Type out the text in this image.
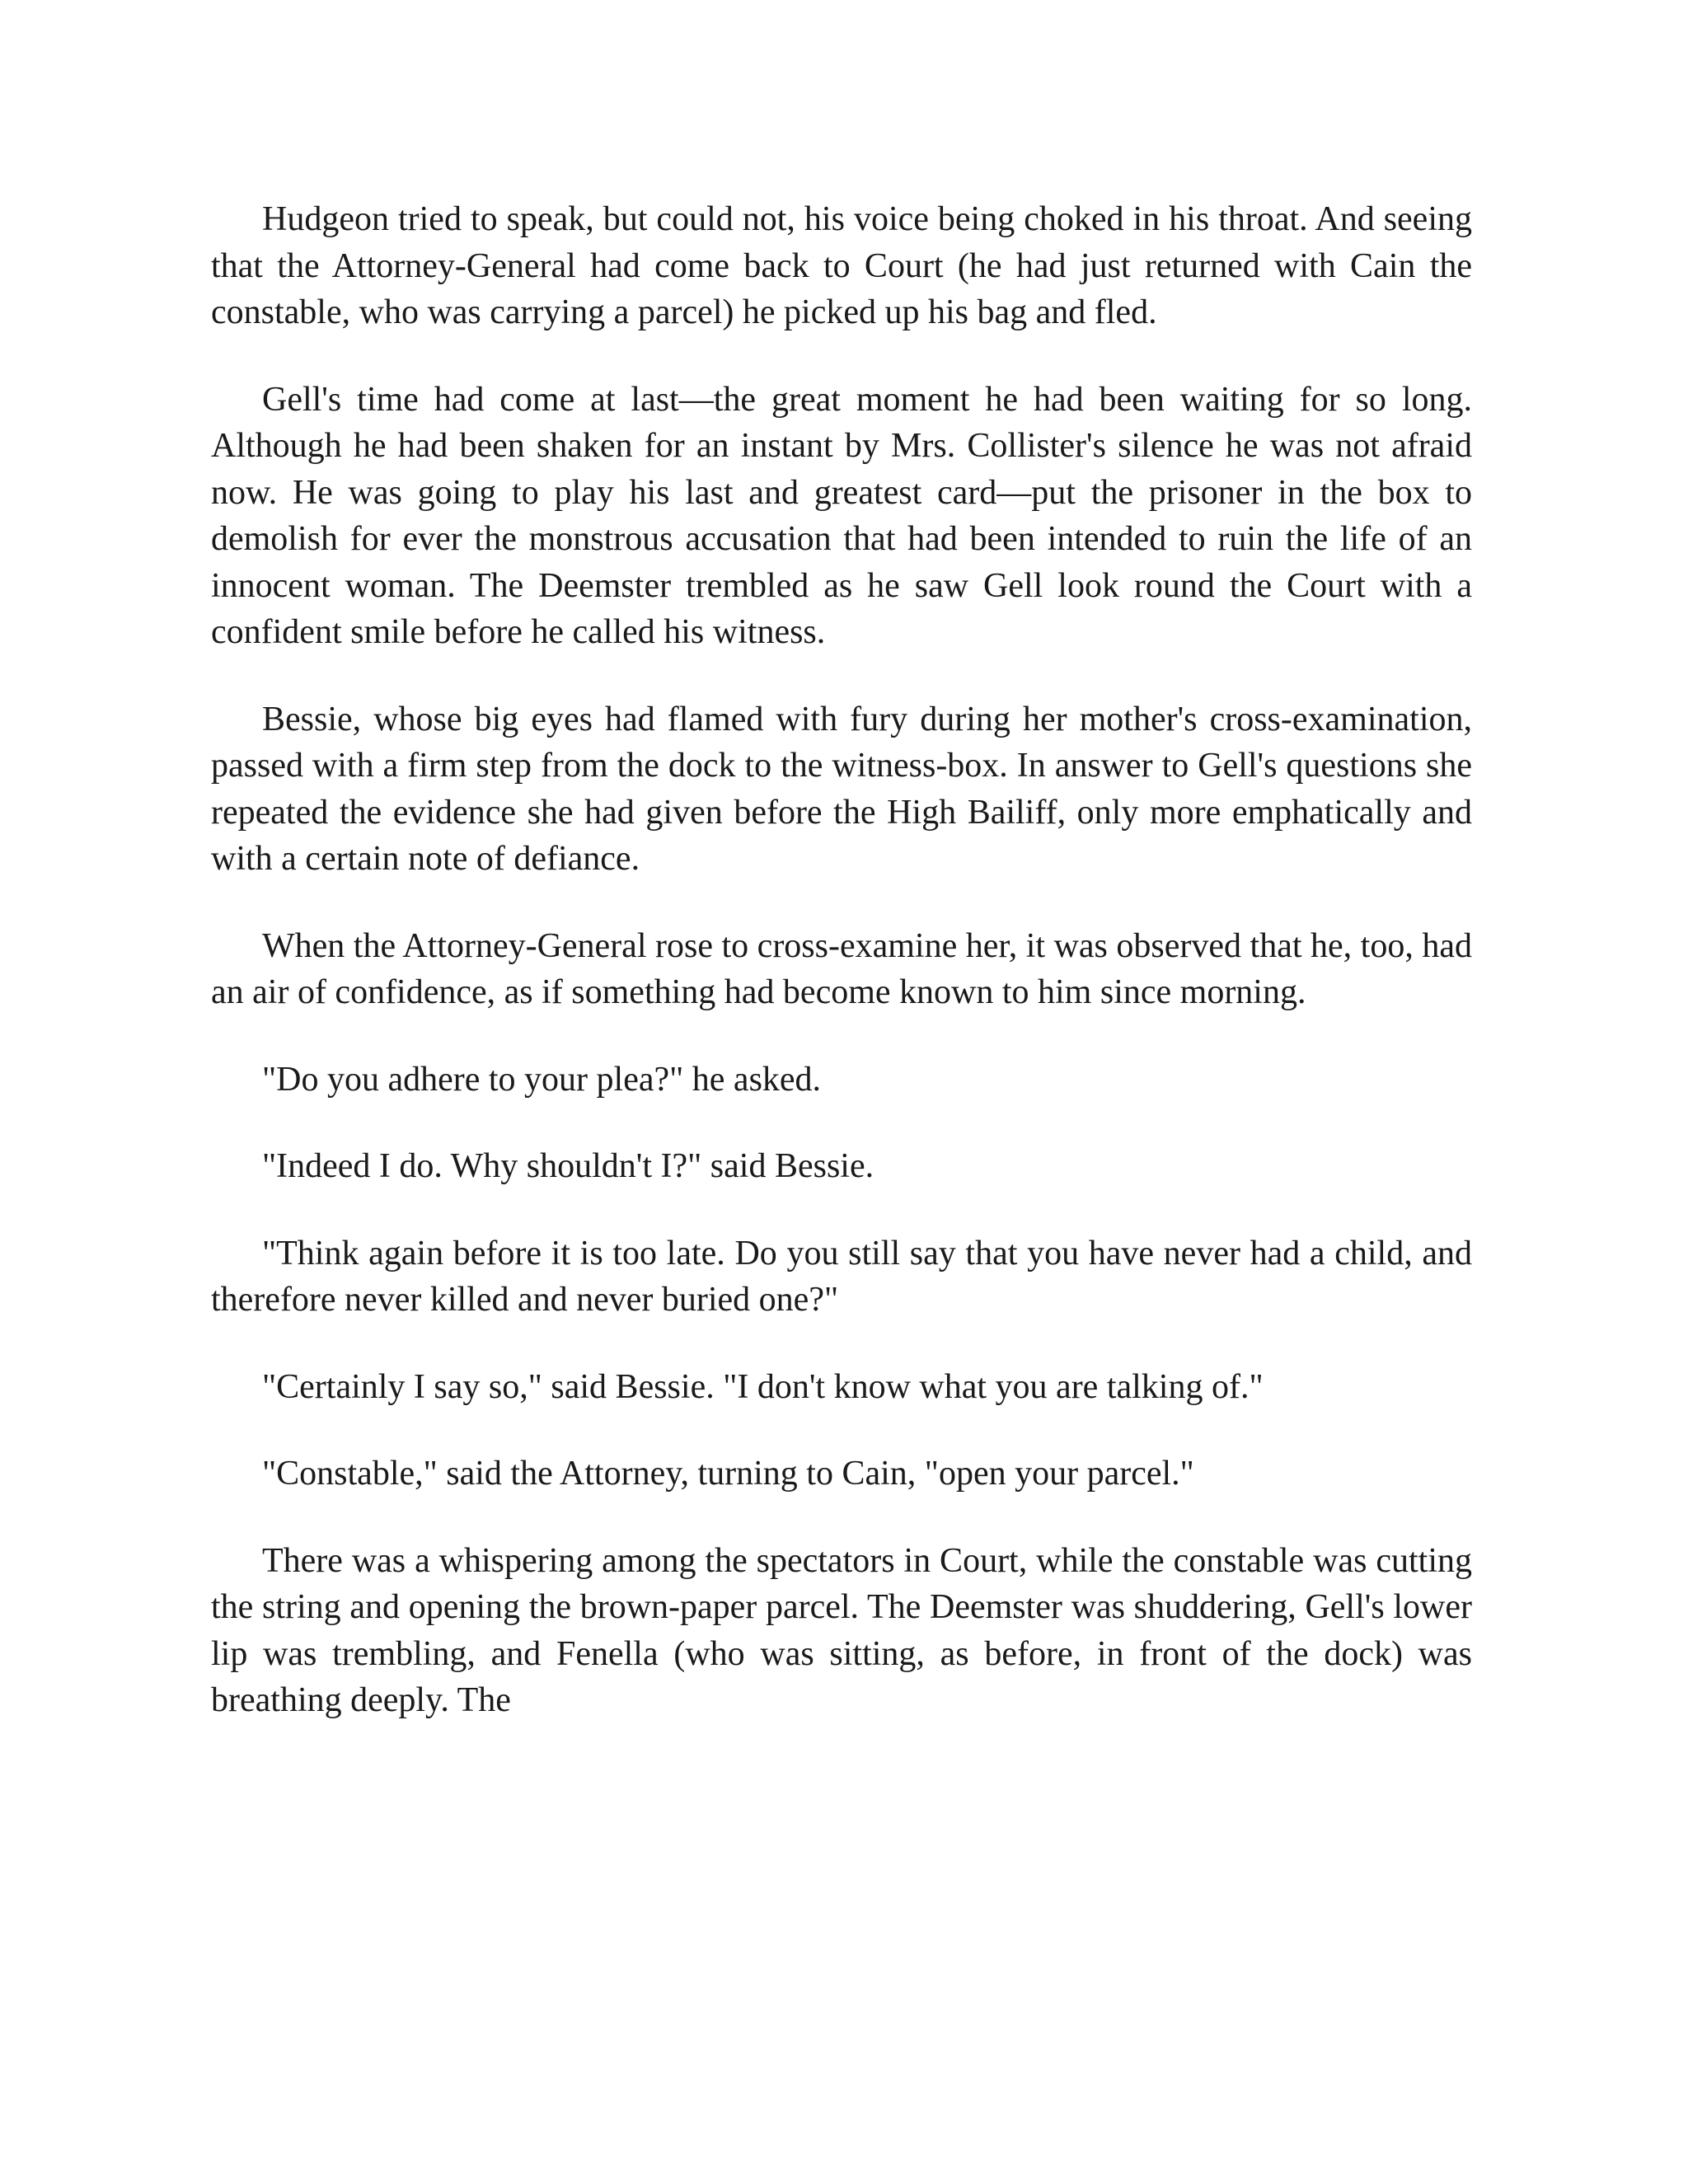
Hudgeon tried to speak, but could not, his voice being choked in his throat. And seeing that the Attorney-General had come back to Court (he had just returned with Cain the constable, who was carrying a parcel) he picked up his bag and fled.

Gell's time had come at last—the great moment he had been waiting for so long. Although he had been shaken for an instant by Mrs. Collister's silence he was not afraid now. He was going to play his last and greatest card—put the prisoner in the box to demolish for ever the monstrous accusation that had been intended to ruin the life of an innocent woman. The Deemster trembled as he saw Gell look round the Court with a confident smile before he called his witness.

Bessie, whose big eyes had flamed with fury during her mother's cross-examination, passed with a firm step from the dock to the witness-box. In answer to Gell's questions she repeated the evidence she had given before the High Bailiff, only more emphatically and with a certain note of defiance.

When the Attorney-General rose to cross-examine her, it was observed that he, too, had an air of confidence, as if something had become known to him since morning.

"Do you adhere to your plea?" he asked.

"Indeed I do. Why shouldn't I?" said Bessie.

"Think again before it is too late. Do you still say that you have never had a child, and therefore never killed and never buried one?"

"Certainly I say so," said Bessie. "I don't know what you are talking of."

"Constable," said the Attorney, turning to Cain, "open your parcel."

There was a whispering among the spectators in Court, while the constable was cutting the string and opening the brown-paper parcel. The Deemster was shuddering, Gell's lower lip was trembling, and Fenella (who was sitting, as before, in front of the dock) was breathing deeply. The
